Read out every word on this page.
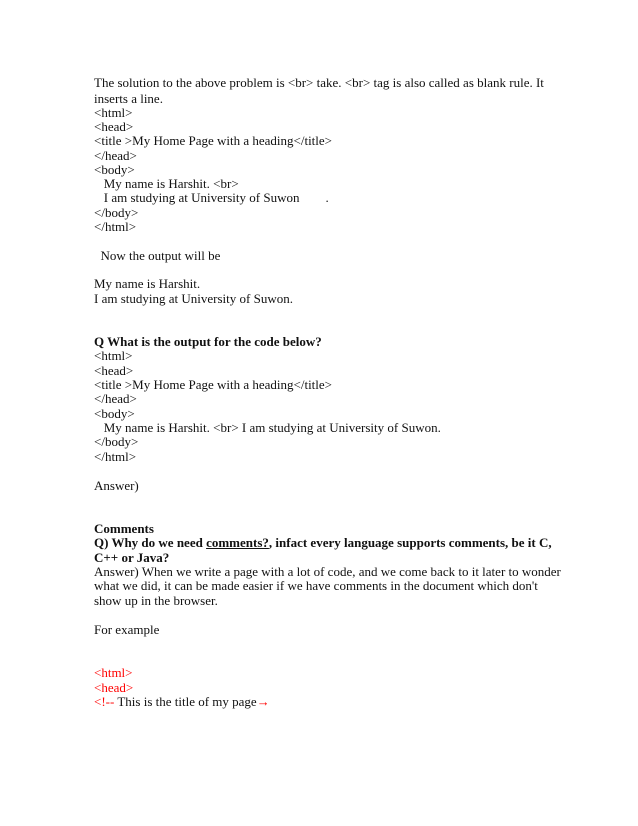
The solution to the above problem is <br> take. <br> tag is also called as blank rule. It
inserts a line.
<html>
<head>
<title >My Home Page with a heading</title>
</head>
<body>
My name is Harshit. <br>
I am studying at University of Suwon        .
</body>
</html>
Now the output will be
My name is Harshit.
I am studying at University of Suwon.
Q What is the output for the code below?
<html>
<head>
<title >My Home Page with a heading</title>
</head>
<body>
My name is Harshit. <br> I am studying at University of Suwon.
</body>
</html>
Answer)
Comments
Q) Why do we need comments?, infact every language supports comments, be it C,
C++ or Java?
Answer) When we write a page with a lot of code, and we come back to it later to wonder
what we did, it can be made easier if we have comments in the document which don't
show up in the browser.
For example
<html>
<head>
<!-- This is the title of my page→
